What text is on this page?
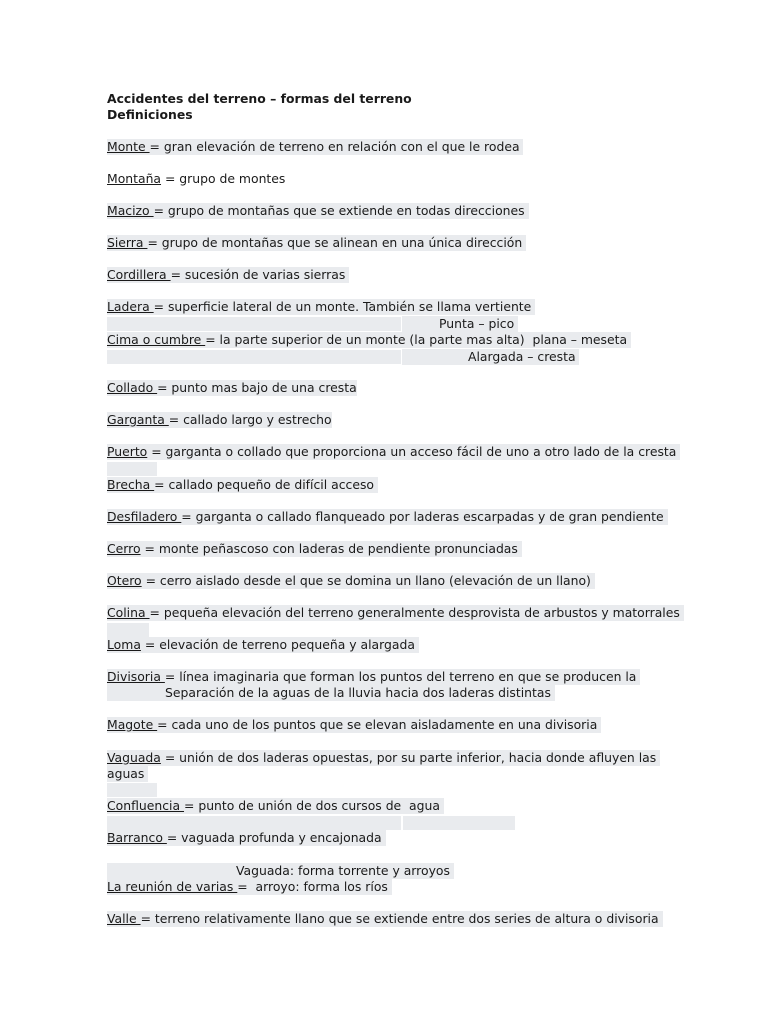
Accidentes del terreno – formas del terreno
Definiciones
Monte = gran elevación de terreno en relación con el que le rodea
Montaña = grupo de montes
Macizo = grupo de montañas que se extiende en todas direcciones
Sierra = grupo de montañas que se alinean en una única dirección
Cordillera = sucesión de varias sierras
Ladera = superficie lateral de un monte. También se llama vertiente
Punta – pico
Cima o cumbre = la parte superior de un monte (la parte mas alta)  plana – meseta
Alargada – cresta
Collado = punto mas bajo de una cresta
Garganta = callado largo y estrecho
Puerto = garganta o collado que proporciona un acceso fácil de uno a otro lado de la cresta
Brecha = callado pequeño de difícil acceso
Desfiladero = garganta o callado flanqueado por laderas escarpadas y de gran pendiente
Cerro = monte peñascoso con laderas de pendiente pronunciadas
Otero = cerro aislado desde el que se domina un llano (elevación de un llano)
Colina = pequeña elevación del terreno generalmente desprovista de arbustos y matorrales
Loma = elevación de terreno pequeña y alargada
Divisoria = línea imaginaria que forman los puntos del terreno en que se producen la
Separación de la aguas de la lluvia hacia dos laderas distintas
Magote = cada uno de los puntos que se elevan aisladamente en una divisoria
Vaguada = unión de dos laderas opuestas, por su parte inferior, hacia donde afluyen las
aguas
Confluencia = punto de unión de dos cursos de  agua
Barranco = vaguada profunda y encajonada
Vaguada: forma torrente y arroyos
La reunión de varias =  arroyo: forma los ríos
Valle = terreno relativamente llano que se extiende entre dos series de altura o divisoria
